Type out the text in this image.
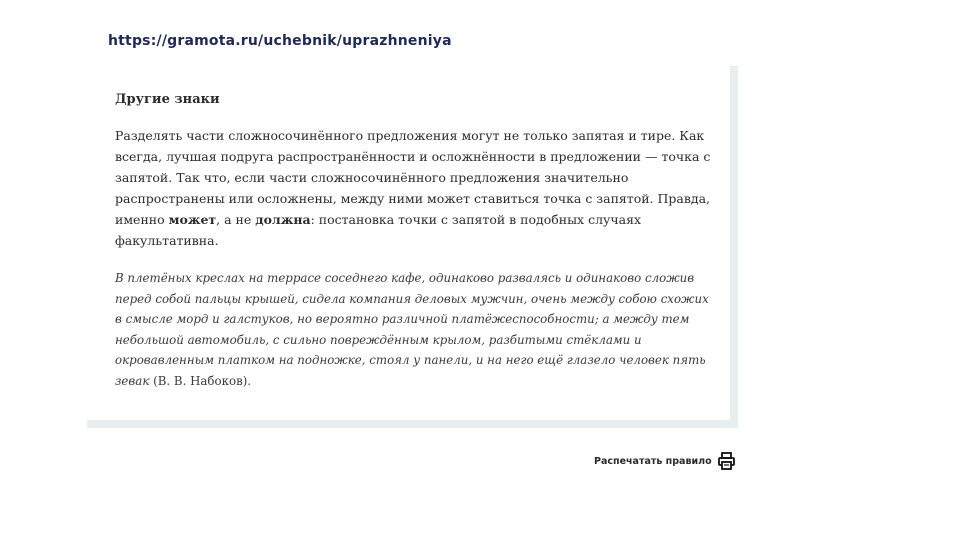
https://gramota.ru/uchebnik/uprazhneniya

Другие знаки

Разделять части сложносочинённого предложения могут не только запятая и тире. Как всегда, лучшая подруга распространённости и осложнённости в предложении — точка с запятой. Так что, если части сложносочинённого предложения значительно распространены или осложнены, между ними может ставиться точка с запятой. Правда, именно может, а не должна: постановка точки с запятой в подобных случаях факультативна.

В плетёных креслах на террасе соседнего кафе, одинаково развалясь и одинаково сложив перед собой пальцы крышей, сидела компания деловых мужчин, очень между собою схожих в смысле морд и галстуков, но вероятно различной платёжеспособности; а между тем небольшой автомобиль, с сильно повреждённым крылом, разбитыми стёклами и окровавленным платком на подножке, стоял у панели, и на него ещё глазело человек пять зевак (В. В. Набоков).

Распечатать правило
